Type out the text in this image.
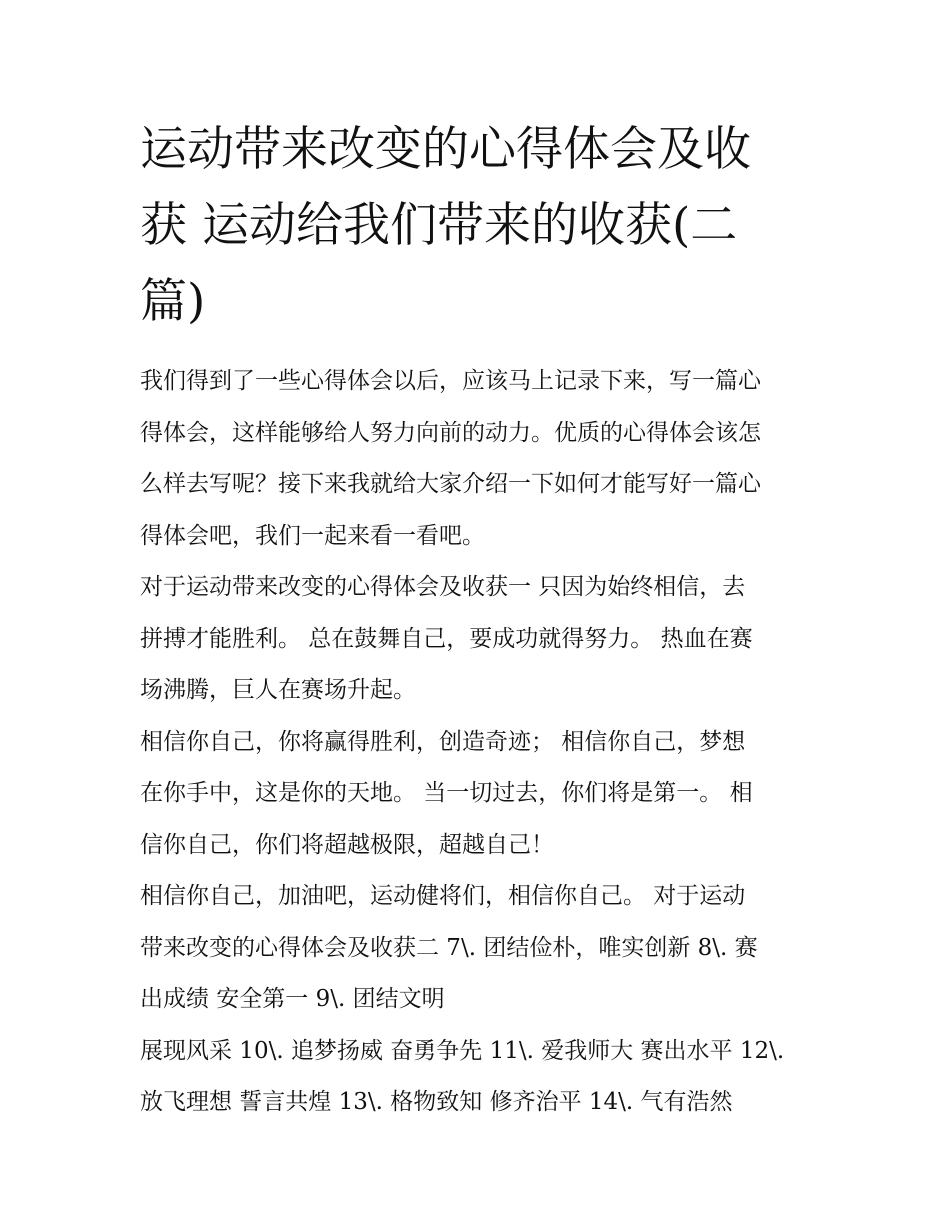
运动带来改变的心得体会及收
获 运动给我们带来的收获(二
篇)
我们得到了一些心得体会以后，应该马上记录下来，写一篇心
得体会，这样能够给人努力向前的动力。优质的心得体会该怎
么样去写呢？接下来我就给大家介绍一下如何才能写好一篇心
得体会吧，我们一起来看一看吧。
对于运动带来改变的心得体会及收获一 只因为始终相信，去
拼搏才能胜利。 总在鼓舞自己，要成功就得努力。 热血在赛
场沸腾，巨人在赛场升起。
相信你自己，你将赢得胜利，创造奇迹； 相信你自己，梦想
在你手中，这是你的天地。 当一切过去，你们将是第一。 相
信你自己，你们将超越极限，超越自己！
相信你自己，加油吧，运动健将们，相信你自己。 对于运动
带来改变的心得体会及收获二 7\. 团结俭朴，唯实创新 8\. 赛
出成绩 安全第一 9\. 团结文明
展现风采 10\. 追梦扬威 奋勇争先 11\. 爱我师大 赛出水平 12\.
放飞理想 誓言共煌 13\. 格物致知 修齐治平 14\. 气有浩然
